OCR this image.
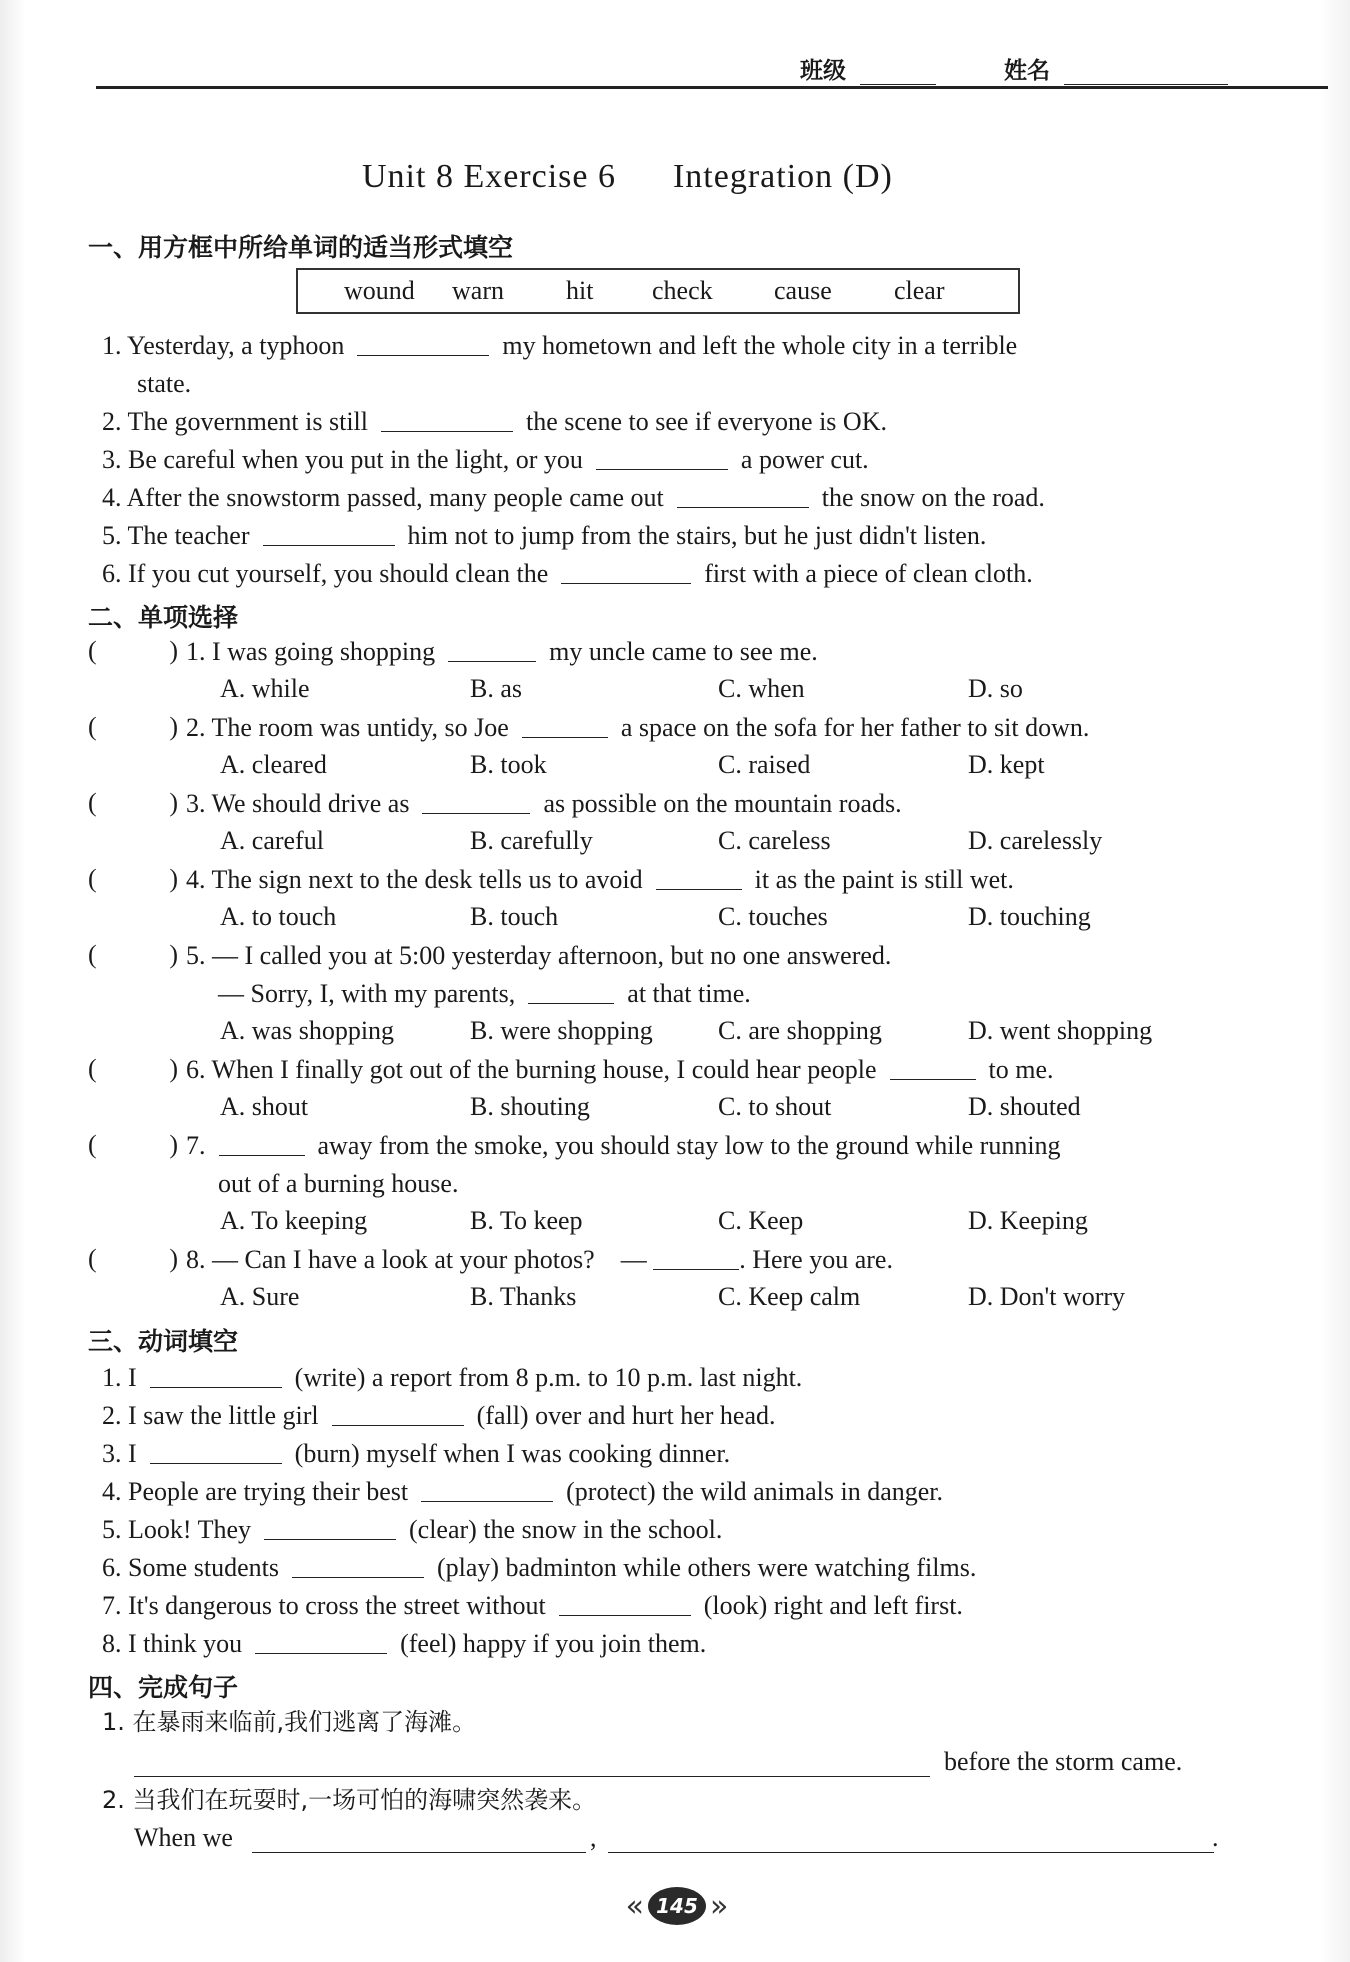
班级	姓名
Unit 8 Exercise 6      Integration (D)
一、用方框中所给单词的适当形式填空
wound	warn	hit	check	cause	clear
1. Yesterday, a typhoon	my hometown and left the whole city in a terrible
state.
2. The government is still	the scene to see if everyone is OK.
3. Be careful when you put in the light, or you	a power cut.
4. After the snowstorm passed, many people came out	the snow on the road.
5. The teacher	him not to jump from the stairs, but he just didn't listen.
6. If you cut yourself, you should clean the	first with a piece of clean cloth.
二、单项选择
(	) 1. I was going shopping	my uncle came to see me.
A. while	B. as	C. when	D. so
(	) 2. The room was untidy, so Joe	a space on the sofa for her father to sit down.
A. cleared	B. took	C. raised	D. kept
(	) 3. We should drive as	as possible on the mountain roads.
A. careful	B. carefully	C. careless	D. carelessly
(	) 4. The sign next to the desk tells us to avoid	it as the paint is still wet.
A. to touch	B. touch	C. touches	D. touching
(	) 5. — I called you at 5:00 yesterday afternoon, but no one answered.
— Sorry, I, with my parents,	at that time.
A. was shopping	B. were shopping	C. are shopping	D. went shopping
(	) 6. When I finally got out of the burning house, I could hear people	to me.
A. shout	B. shouting	C. to shout	D. shouted
(	) 7.	away from the smoke, you should stay low to the ground while running
out of a burning house.
A. To keeping	B. To keep	C. Keep	D. Keeping
(	) 8. — Can I have a look at your photos? —	. Here you are.
A. Sure	B. Thanks	C. Keep calm	D. Don't worry
三、动词填空
1. I	(write) a report from 8 p.m. to 10 p.m. last night.
2. I saw the little girl	(fall) over and hurt her head.
3. I	(burn) myself when I was cooking dinner.
4. People are trying their best	(protect) the wild animals in danger.
5. Look! They	(clear) the snow in the school.
6. Some students	(play) badminton while others were watching films.
7. It's dangerous to cross the street without	(look) right and left first.
8. I think you	(feel) happy if you join them.
四、完成句子
1. 在暴雨来临前,我们逃离了海滩。
before the storm came.
2. 当我们在玩耍时,一场可怕的海啸突然袭来。
When we	,	.
« 145 »
